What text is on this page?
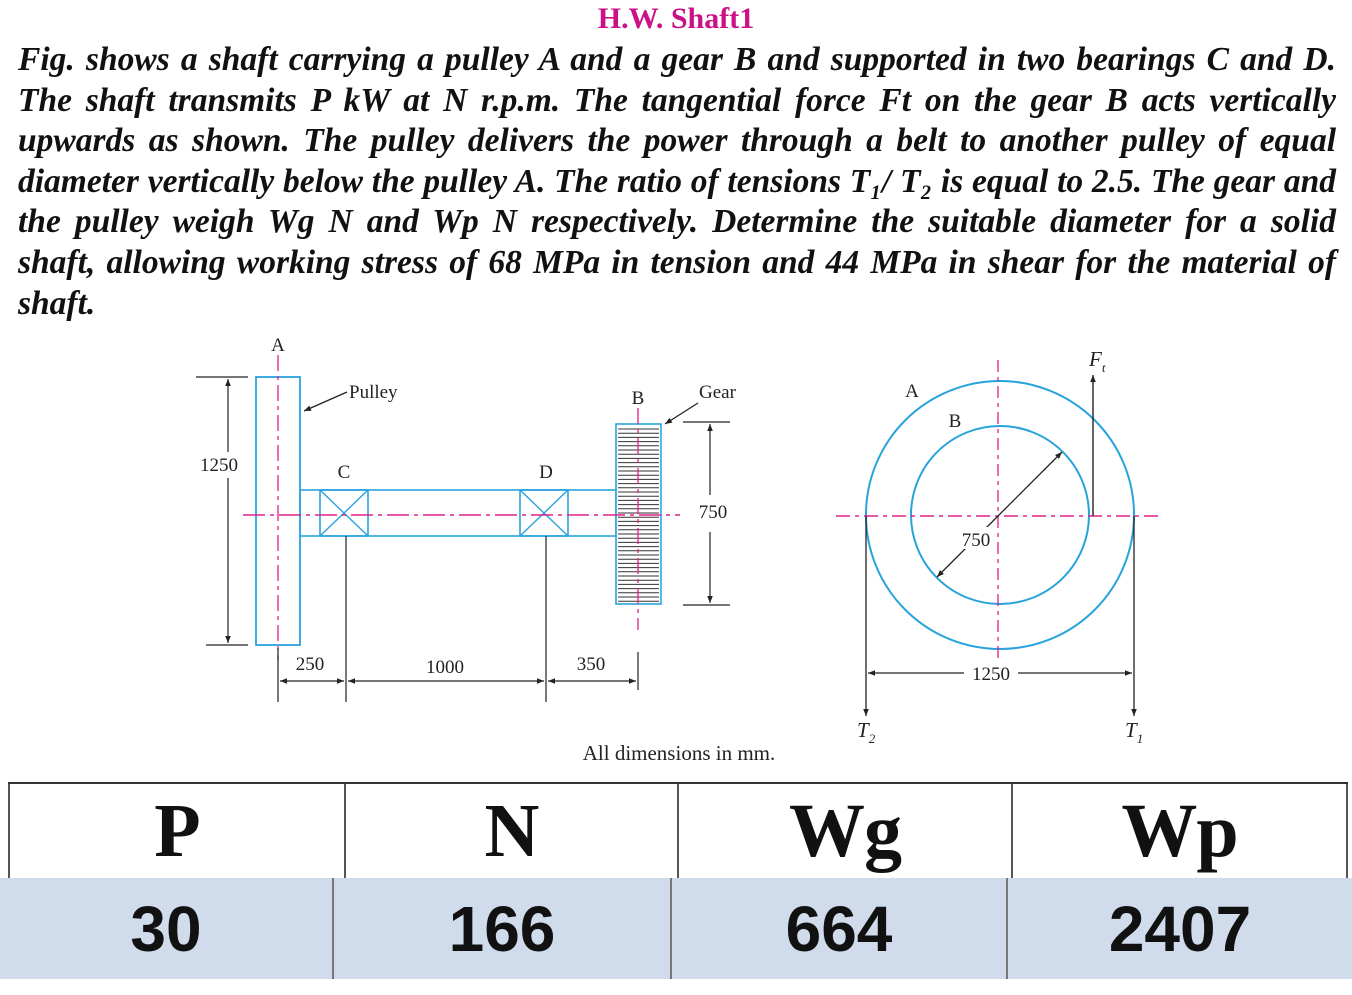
H.W. Shaft1

Fig. shows a shaft carrying a pulley A and a gear B and supported in two bearings C and D. The shaft transmits P kW at N r.p.m. The tangential force Ft on the gear B acts vertically upwards as shown. The pulley delivers the power through a belt to another pulley of equal diameter vertically below the pulley A. The ratio of tensions T₁/ T₂ is equal to 2.5. The gear and the pulley weigh Wg N and Wp N respectively. Determine the suitable diameter for a solid shaft, allowing working stress of 68 MPa in tension and 44 MPa in shear for the material of shaft.

A
Pulley	B	Gear
C	D
1250
750
250	1000	350
A
B
750
$F_t$
$T_2$	$T_1$
1250
All dimensions in mm.
P	N	Wg	Wp
30	166	664	2407
